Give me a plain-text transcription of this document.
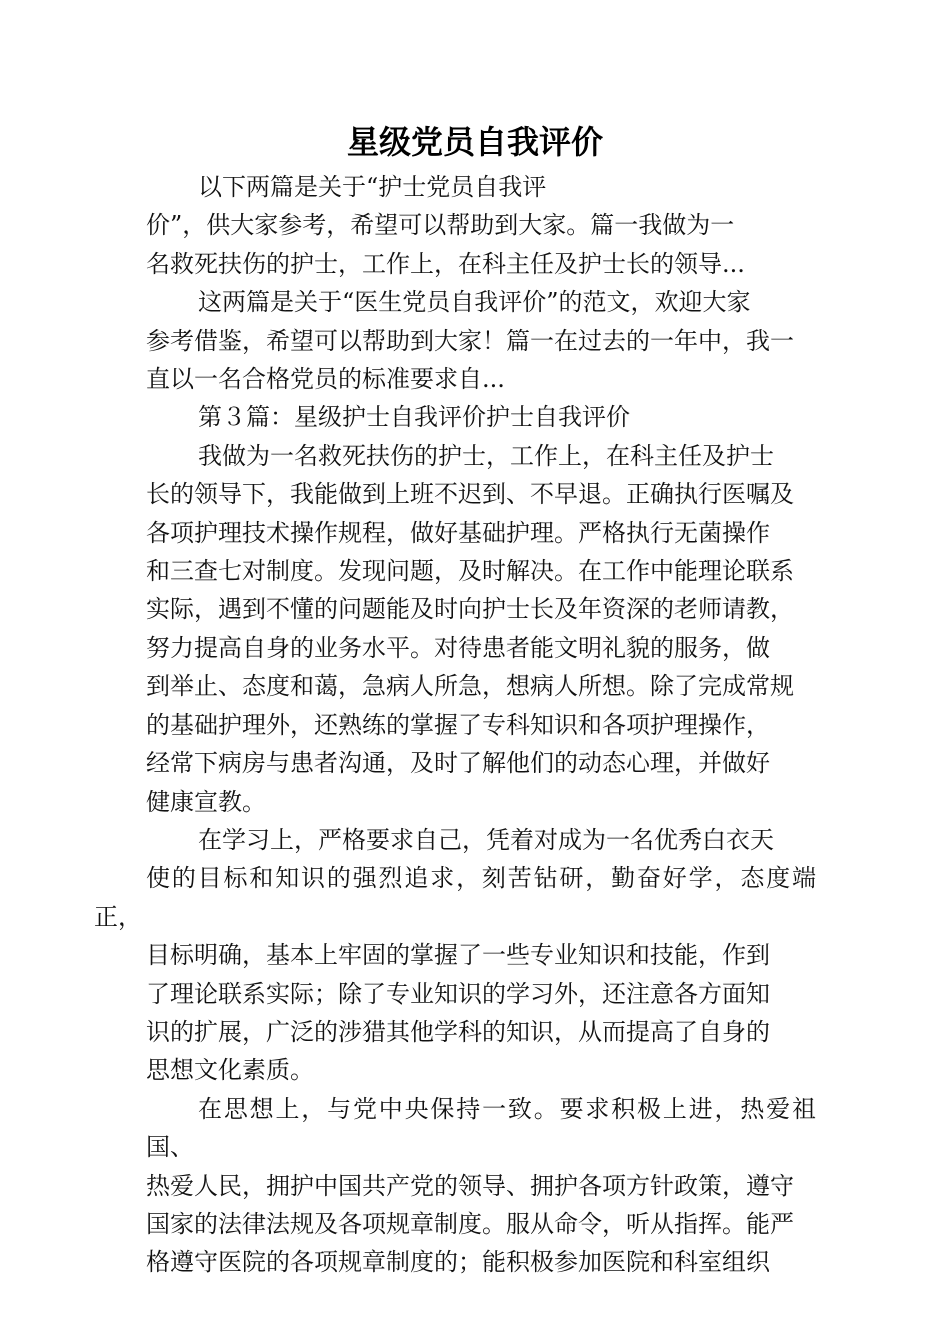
星级党员自我评价

以下两篇是关于“护士党员自我评
价”，供大家参考，希望可以帮助到大家。篇一我做为一
名救死扶伤的护士，工作上，在科主任及护士长的领导...

这两篇是关于“医生党员自我评价”的范文，欢迎大家
参考借鉴，希望可以帮助到大家！篇一在过去的一年中，我一
直以一名合格党员的标准要求自...

第３篇：星级护士自我评价护士自我评价

我做为一名救死扶伤的护士，工作上，在科主任及护士
长的领导下，我能做到上班不迟到、不早退。正确执行医嘱及
各项护理技术操作规程，做好基础护理。严格执行无菌操作
和三查七对制度。发现问题，及时解决。在工作中能理论联系
实际，遇到不懂的问题能及时向护士长及年资深的老师请教，
努力提高自身的业务水平。对待患者能文明礼貌的服务，做
到举止、态度和蔼，急病人所急，想病人所想。除了完成常规
的基础护理外，还熟练的掌握了专科知识和各项护理操作，
经常下病房与患者沟通，及时了解他们的动态心理，并做好
健康宣教。

在学习上，严格要求自己，凭着对成为一名优秀白衣天
使的目标和知识的强烈追求，刻苦钻研，勤奋好学，态度端正，
目标明确，基本上牢固的掌握了一些专业知识和技能，作到
了理论联系实际；除了专业知识的学习外，还注意各方面知
识的扩展，广泛的涉猎其他学科的知识，从而提高了自身的
思想文化素质。

在思想上，与党中央保持一致。要求积极上进，热爱祖国、
热爱人民，拥护中国共产党的领导、拥护各项方针政策，遵守
国家的法律法规及各项规章制度。服从命令，听从指挥。能严
格遵守医院的各项规章制度的；能积极参加医院和科室组织
